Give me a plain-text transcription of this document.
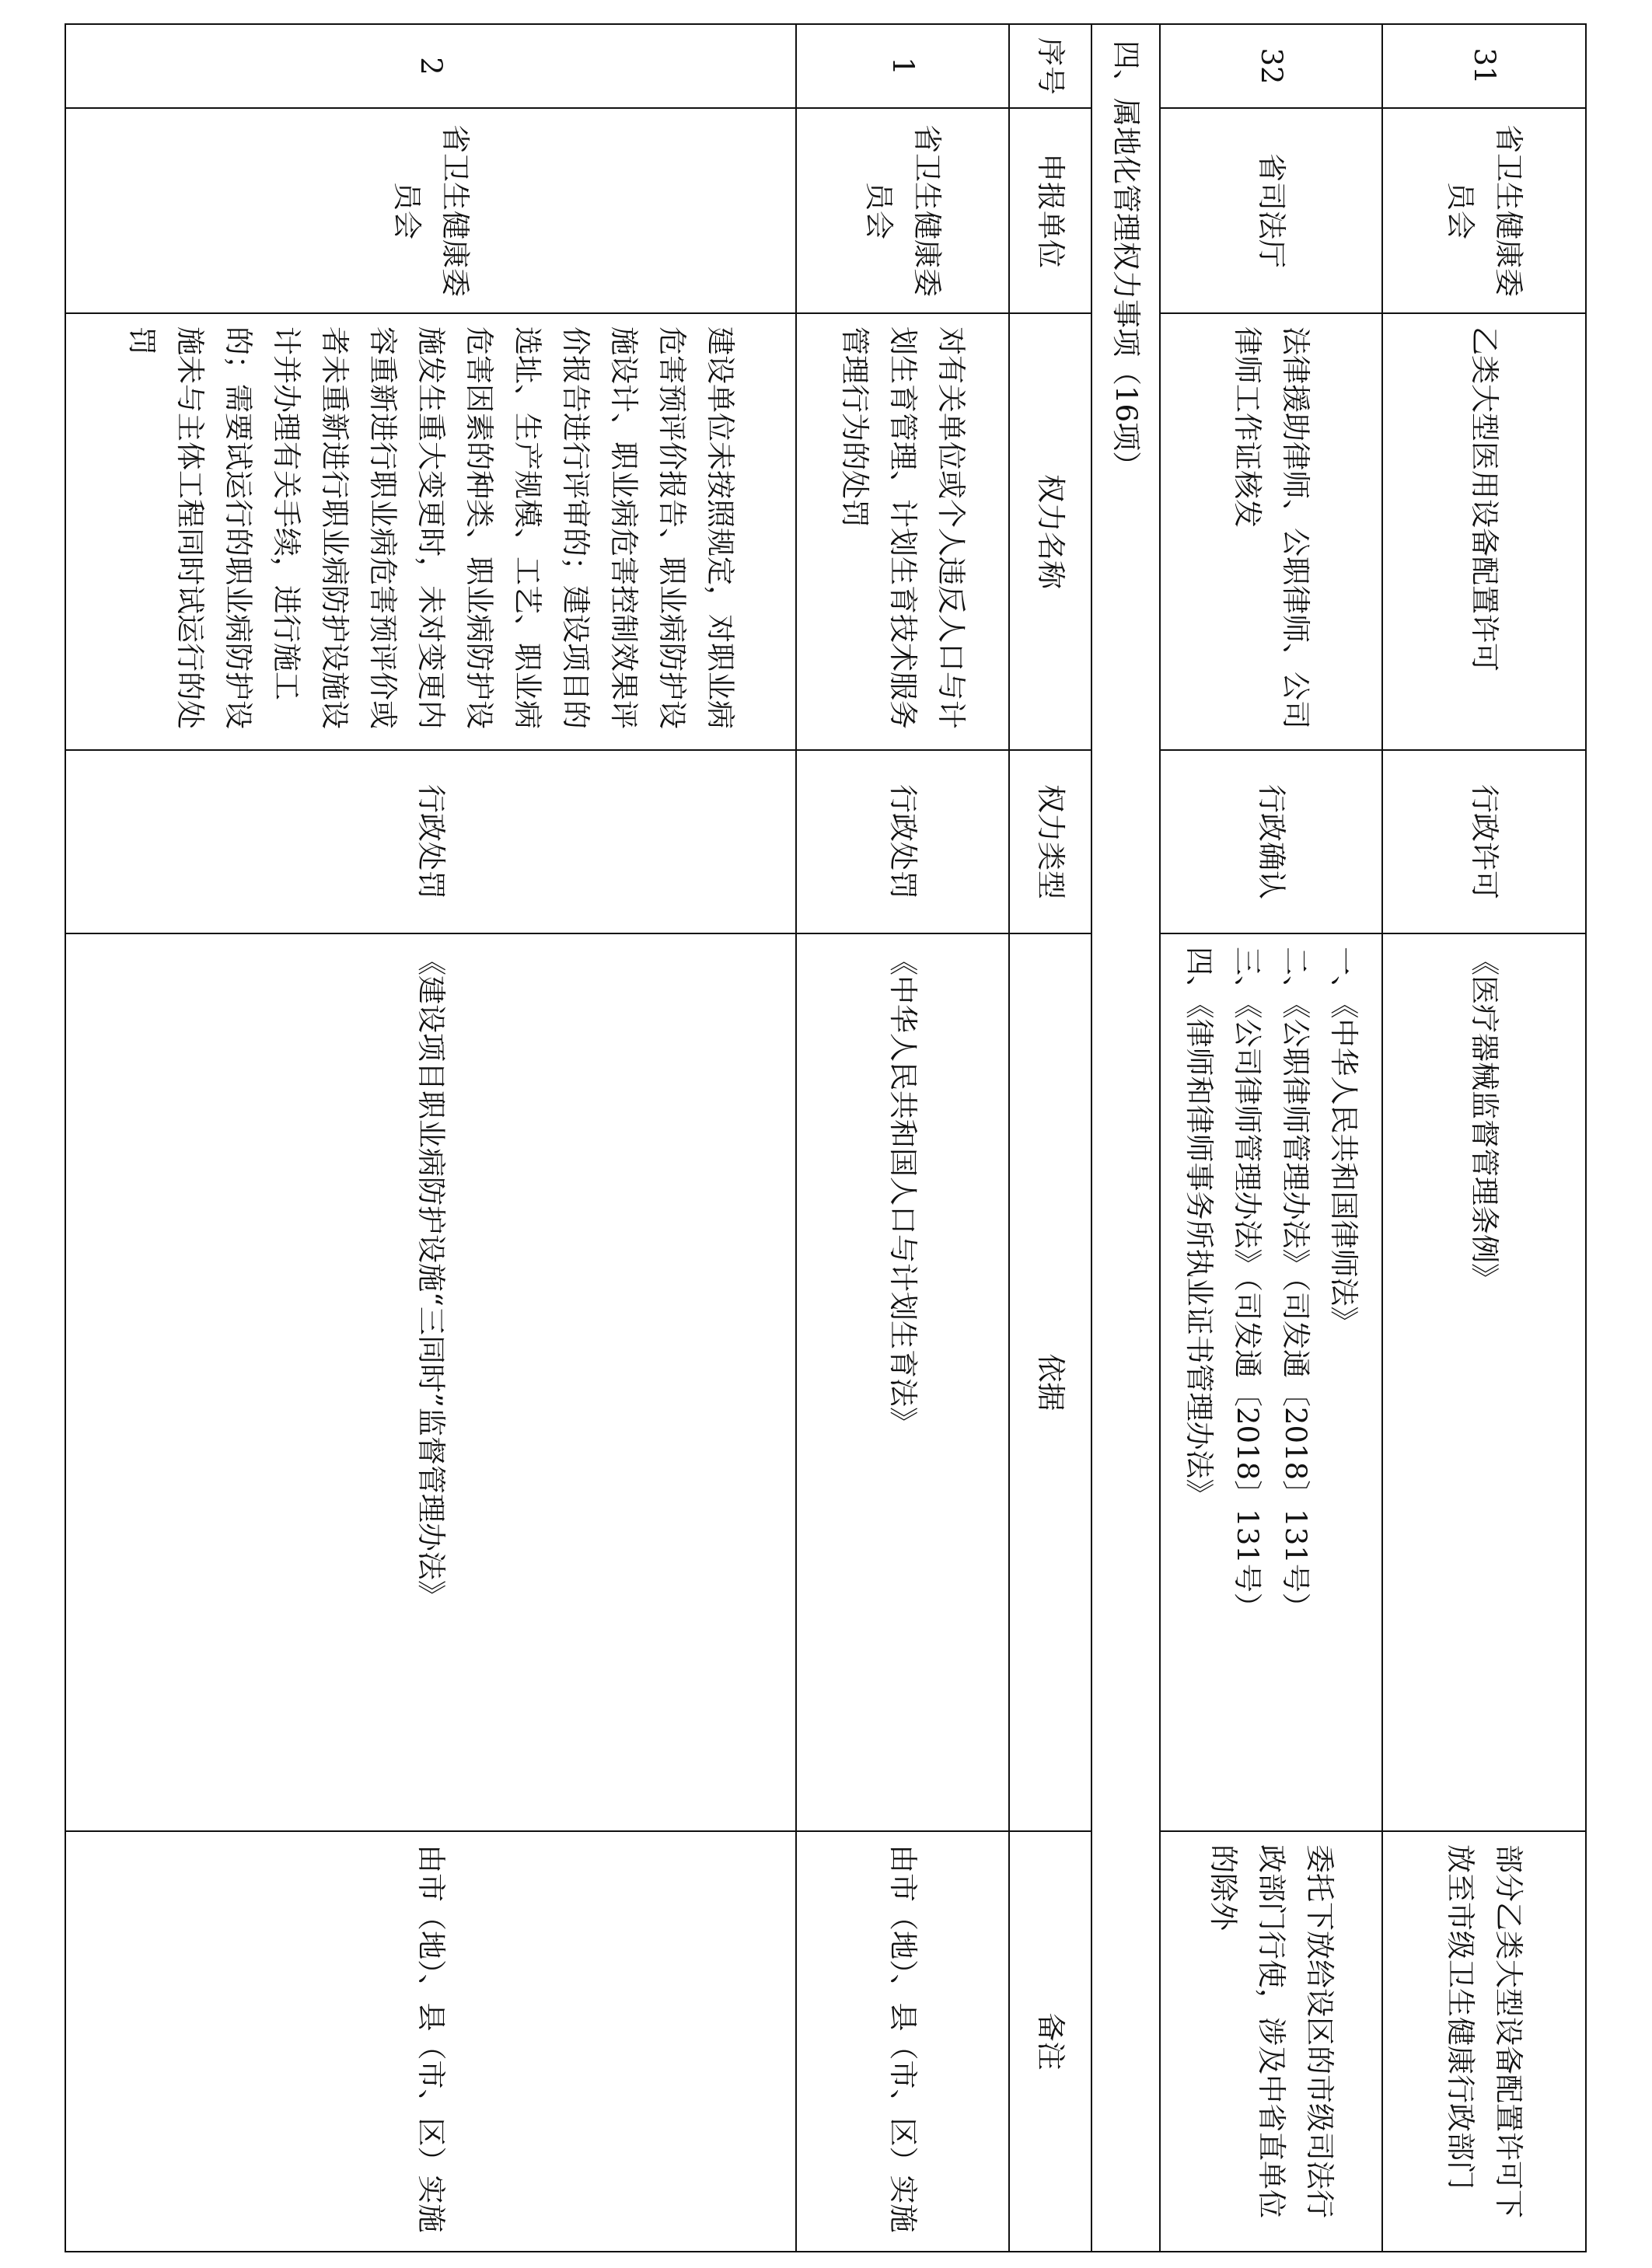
31	省卫生健康委员会	乙类大型医用设备配置许可	行政许可	《医疗器械监督管理条例》	部分乙类大型设备配置许可下放至市级卫生健康行政部门
32	省司法厅	法律援助律师、公职律师、公司律师工作证核发	行政确认	一、《中华人民共和国律师法》
二、《公职律师管理办法》（司发通〔2018〕131号）
三、《公司律师管理办法》（司发通〔2018〕131号）
四、《律师和律师事务所执业证书管理办法》	委托下放给设区的市级司法行政部门行使，涉及中省直单位的除外
四、属地化管理权力事项（16项）					
序号	申报单位	权力名称	权力类型	依据	备注
1	省卫生健康委员会	对有关单位或个人违反人口与计划生育管理、计划生育技术服务管理行为的处罚	行政处罚	《中华人民共和国人口与计划生育法》	由市（地）、县（市、区）实施
2	省卫生健康委员会	建设单位未按照规定，对职业病危害预评价报告、职业病防护设施设计、职业病危害控制效果评价报告进行评审的；建设项目的选址、生产规模、工艺、职业病危害因素的种类、职业病防护设施发生重大变更时，未对变更内容重新进行职业病危害预评价或者未重新进行职业病防护设施设计并办理有关手续，进行施工的；需要试运行的职业病防护设施未与主体工程同时试运行的处罚	行政处罚	《建设项目职业病防护设施“三同时”监督管理办法》	由市（地）、县（市、区）实施
